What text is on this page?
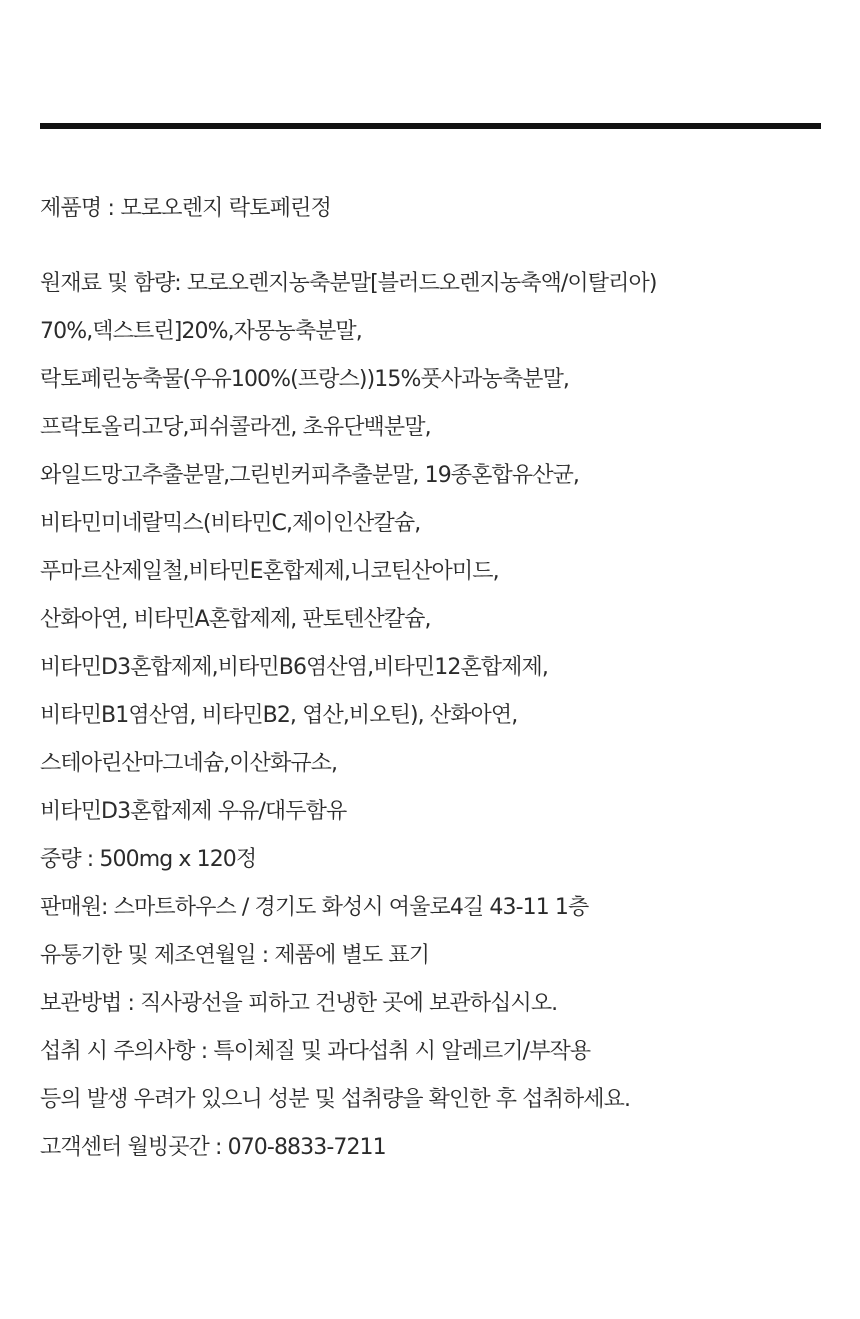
제품명 : 모로오렌지 락토페린정
원재료 및 함량: 모로오렌지농축분말[블러드오렌지농축액/이탈리아)
70%,덱스트린]20%,자몽농축분말,
락토페린농축물(우유100%(프랑스))15%풋사과농축분말,
프락토올리고당,피쉬콜라겐, 초유단백분말,
와일드망고추출분말,그린빈커피추출분말, 19종혼합유산균,
비타민미네랄믹스(비타민C,제이인산칼슘,
푸마르산제일철,비타민E혼합제제,니코틴산아미드,
산화아연, 비타민A혼합제제, 판토텐산칼슘,
비타민D3혼합제제,비타민B6염산염,비타민12혼합제제,
비타민B1염산염, 비타민B2, 엽산,비오틴), 산화아연,
스테아린산마그네슘,이산화규소,
비타민D3혼합제제 우유/대두함유
중량 : 500mg x 120정
판매원: 스마트하우스 / 경기도 화성시 여울로4길 43-11 1층
유통기한 및 제조연월일 : 제품에 별도 표기
보관방법 : 직사광선을 피하고 건냉한 곳에 보관하십시오.
섭취 시 주의사항 : 특이체질 및 과다섭취 시 알레르기/부작용
등의 발생 우려가 있으니 성분 및 섭취량을 확인한 후 섭취하세요.
고객센터 월빙곳간 : 070-8833-7211
